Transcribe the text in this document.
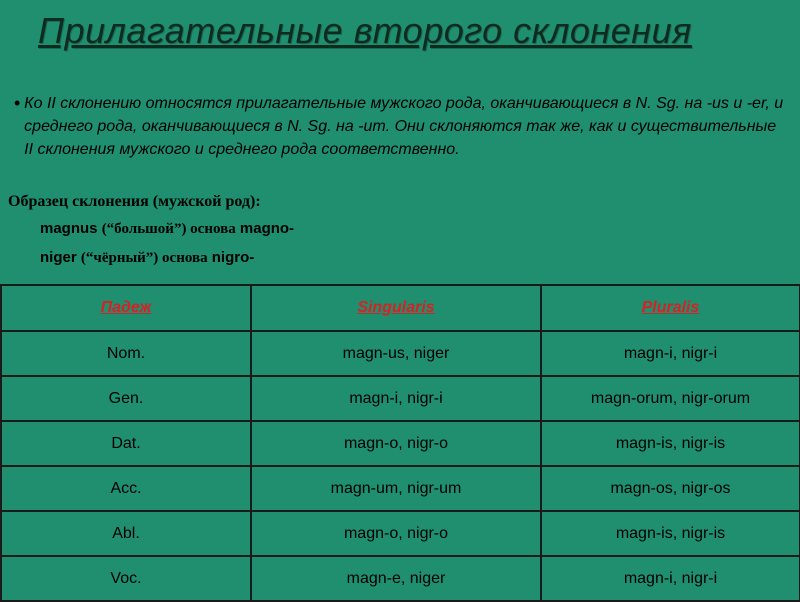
Прилагательные второго склонения
• Ко II склонению относятся прилагательные мужского рода, оканчивающиеся в N. Sg. на -us и -er, и среднего рода, оканчивающиеся в N. Sg. на -um. Они склоняются так же, как и существительные II склонения мужского и среднего рода соответственно.

Образец склонения (мужской род):

magnus (“большой”) основа magno-

niger (“чёрный”) основа nigro-

Падеж	Singularis	Pluralis
Nom.	magn-us, niger	magn-i, nigr-i
Gen.	magn-i, nigr-i	magn-orum, nigr-orum
Dat.	magn-o, nigr-o	magn-is, nigr-is
Acc.	magn-um, nigr-um	magn-os, nigr-os
Abl.	magn-o, nigr-o	magn-is, nigr-is
Voc.	magn-e, niger	magn-i, nigr-i
